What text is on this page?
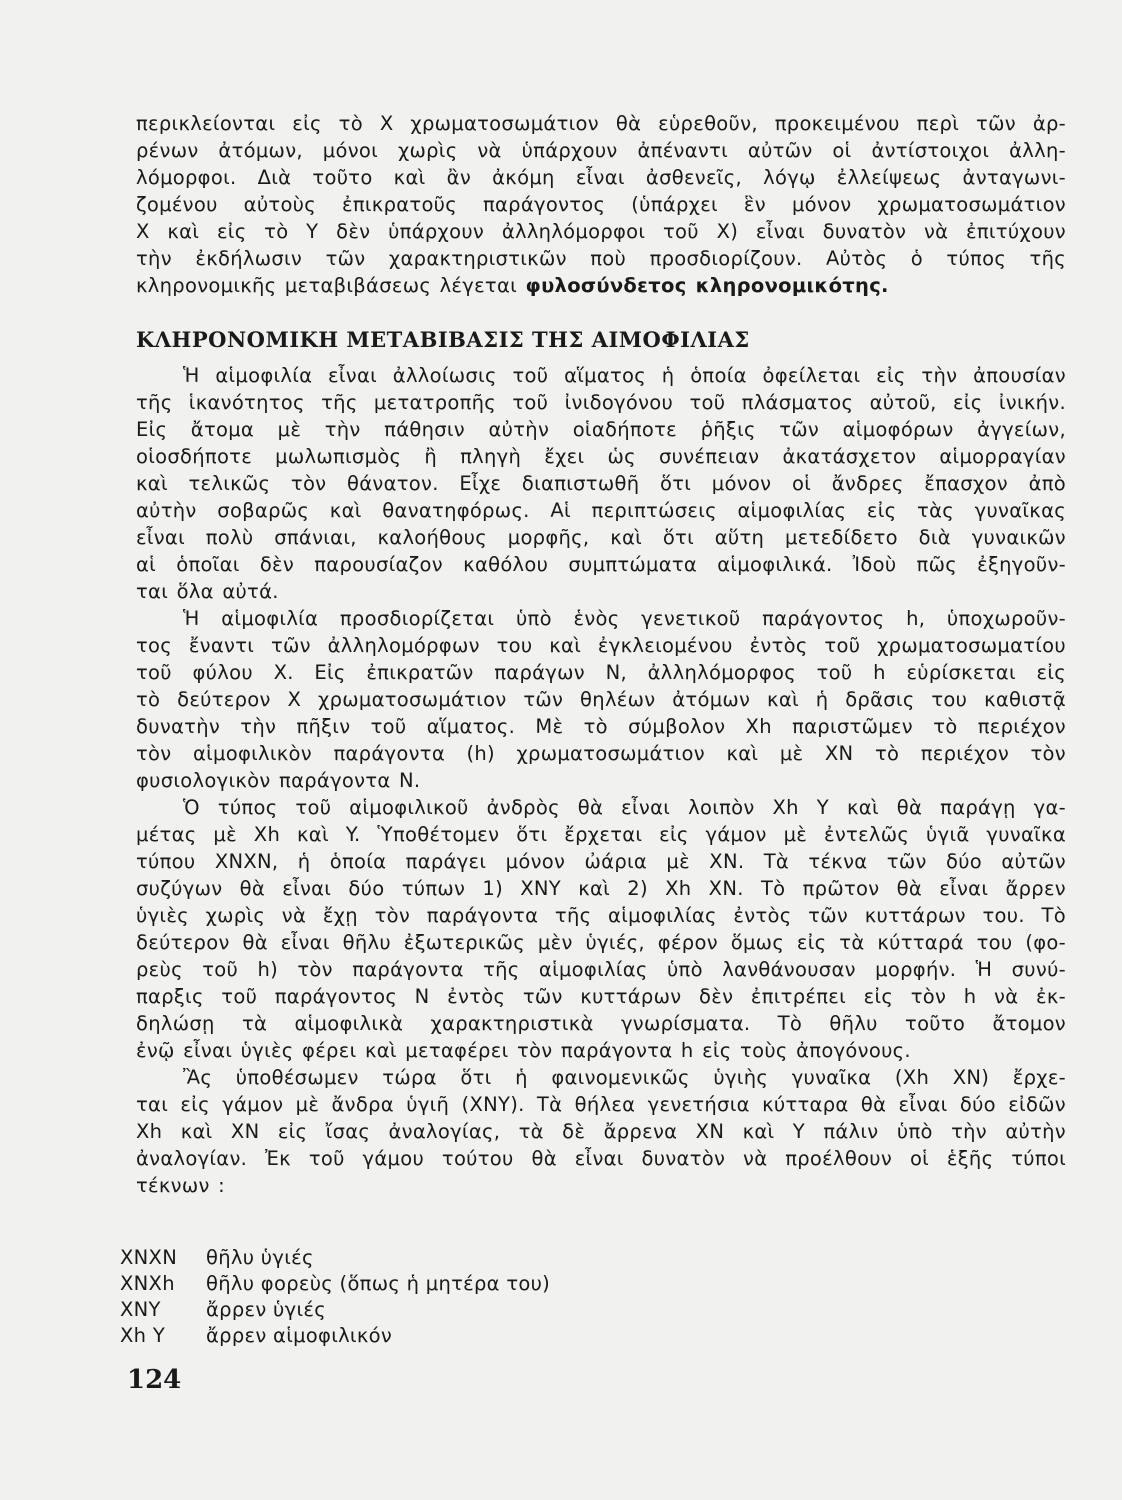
περικλείονται εἰς τὸ X χρωματοσωμάτιον θὰ εὑρεθοῦν, προκειμένου περὶ τῶν ἀρ-
ρένων ἀτόμων, μόνοι χωρὶς νὰ ὑπάρχουν ἀπέναντι αὐτῶν οἱ ἀντίστοιχοι ἀλλη-
λόμορφοι. Διὰ τοῦτο καὶ ἂν ἀκόμη εἶναι ἀσθενεῖς, λόγῳ ἐλλείψεως ἀνταγωνι-
ζομένου αὐτοὺς ἐπικρατοῦς παράγοντος (ὑπάρχει ἓν μόνον χρωματοσωμάτιον
X καὶ εἰς τὸ Y δὲν ὑπάρχουν ἀλληλόμορφοι τοῦ X) εἶναι δυνατὸν νὰ ἐπιτύχουν
τὴν ἐκδήλωσιν τῶν χαρακτηριστικῶν ποὺ προσδιορίζουν. Αὐτὸς ὁ τύπος τῆς
κληρονομικῆς μεταβιβάσεως λέγεται φυλοσύνδετος κληρονομικότης.
ΚΛΗΡΟΝΟΜΙΚΗ ΜΕΤΑΒΙΒΑΣΙΣ ΤΗΣ ΑΙΜΟΦΙΛΙΑΣ
Ἡ αἱμοφιλία εἶναι ἀλλοίωσις τοῦ αἵματος ἡ ὁποία ὀφείλεται εἰς τὴν ἀπουσίαν
τῆς ἱκανότητος τῆς μετατροπῆς τοῦ ἰνιδογόνου τοῦ πλάσματος αὐτοῦ, εἰς ἰνικήν.
Εἰς ἄτομα μὲ τὴν πάθησιν αὐτὴν οἱαδήποτε ῥῆξις τῶν αἱμοφόρων ἀγγείων,
οἱοσδήποτε μωλωπισμὸς ἢ πληγὴ ἔχει ὡς συνέπειαν ἀκατάσχετον αἱμορραγίαν
καὶ τελικῶς τὸν θάνατον. Εἶχε διαπιστωθῆ ὅτι μόνον οἱ ἄνδρες ἔπασχον ἀπὸ
αὐτὴν σοβαρῶς καὶ θανατηφόρως. Αἱ περιπτώσεις αἱμοφιλίας εἰς τὰς γυναῖκας
εἶναι πολὺ σπάνιαι, καλοήθους μορφῆς, καὶ ὅτι αὕτη μετεδίδετο διὰ γυναικῶν
αἱ ὁποῖαι δὲν παρουσίαζον καθόλου συμπτώματα αἱμοφιλικά. Ἰδοὺ πῶς ἐξηγοῦν-
ται ὅλα αὐτά.
Ἡ αἱμοφιλία προσδιορίζεται ὑπὸ ἑνὸς γενετικοῦ παράγοντος h, ὑποχωροῦν-
τος ἔναντι τῶν ἀλληλομόρφων του καὶ ἐγκλειομένου ἐντὸς τοῦ χρωματοσωματίου
τοῦ φύλου X. Εἰς ἐπικρατῶν παράγων N, ἀλληλόμορφος τοῦ h εὑρίσκεται εἰς
τὸ δεύτερον X χρωματοσωμάτιον τῶν θηλέων ἀτόμων καὶ ἡ δρᾶσις του καθιστᾷ
δυνατὴν τὴν πῆξιν τοῦ αἵματος. Μὲ τὸ σύμβολον Xh παριστῶμεν τὸ περιέχον
τὸν αἱμοφιλικὸν παράγοντα (h) χρωματοσωμάτιον καὶ μὲ XN τὸ περιέχον τὸν
φυσιολογικὸν παράγοντα N.
Ὁ τύπος τοῦ αἱμοφιλικοῦ ἀνδρὸς θὰ εἶναι λοιπὸν Xh Y καὶ θὰ παράγῃ γα-
μέτας μὲ Xh καὶ Y. Ὑποθέτομεν ὅτι ἔρχεται εἰς γάμον μὲ ἐντελῶς ὑγιᾶ γυναῖκα
τύπου XNXN, ἡ ὁποία παράγει μόνον ὠάρια μὲ XN. Τὰ τέκνα τῶν δύο αὐτῶν
συζύγων θὰ εἶναι δύο τύπων 1) XNY καὶ 2) Xh XN. Τὸ πρῶτον θὰ εἶναι ἄρρεν
ὑγιὲς χωρὶς νὰ ἔχῃ τὸν παράγοντα τῆς αἱμοφιλίας ἐντὸς τῶν κυττάρων του. Τὸ
δεύτερον θὰ εἶναι θῆλυ ἐξωτερικῶς μὲν ὑγιές, φέρον ὅμως εἰς τὰ κύτταρά του (φο-
ρεὺς τοῦ h) τὸν παράγοντα τῆς αἱμοφιλίας ὑπὸ λανθάνουσαν μορφήν. Ἡ συνύ-
παρξις τοῦ παράγοντος N ἐντὸς τῶν κυττάρων δὲν ἐπιτρέπει εἰς τὸν h νὰ ἐκ-
δηλώσῃ τὰ αἱμοφιλικὰ χαρακτηριστικὰ γνωρίσματα. Τὸ θῆλυ τοῦτο ἄτομον
ἐνῷ εἶναι ὑγιὲς φέρει καὶ μεταφέρει τὸν παράγοντα h εἰς τοὺς ἀπογόνους.
Ἂς ὑποθέσωμεν τώρα ὅτι ἡ φαινομενικῶς ὑγιὴς γυναῖκα (Xh XN) ἔρχε-
ται εἰς γάμον μὲ ἄνδρα ὑγιῆ (XNY). Τὰ θήλεα γενετήσια κύτταρα θὰ εἶναι δύο εἰδῶν
Xh καὶ XN εἰς ἴσας ἀναλογίας, τὰ δὲ ἄρρενα XN καὶ Y πάλιν ὑπὸ τὴν αὐτὴν
ἀναλογίαν. Ἐκ τοῦ γάμου τούτου θὰ εἶναι δυνατὸν νὰ προέλθουν οἱ ἑξῆς τύποι
τέκνων :
XNXN θῆλυ ὑγιές
XNXh θῆλυ φορεὺς (ὅπως ἡ μητέρα του)
XNY ἄρρεν ὑγιές
Xh Y ἄρρεν αἱμοφιλικόν
124
